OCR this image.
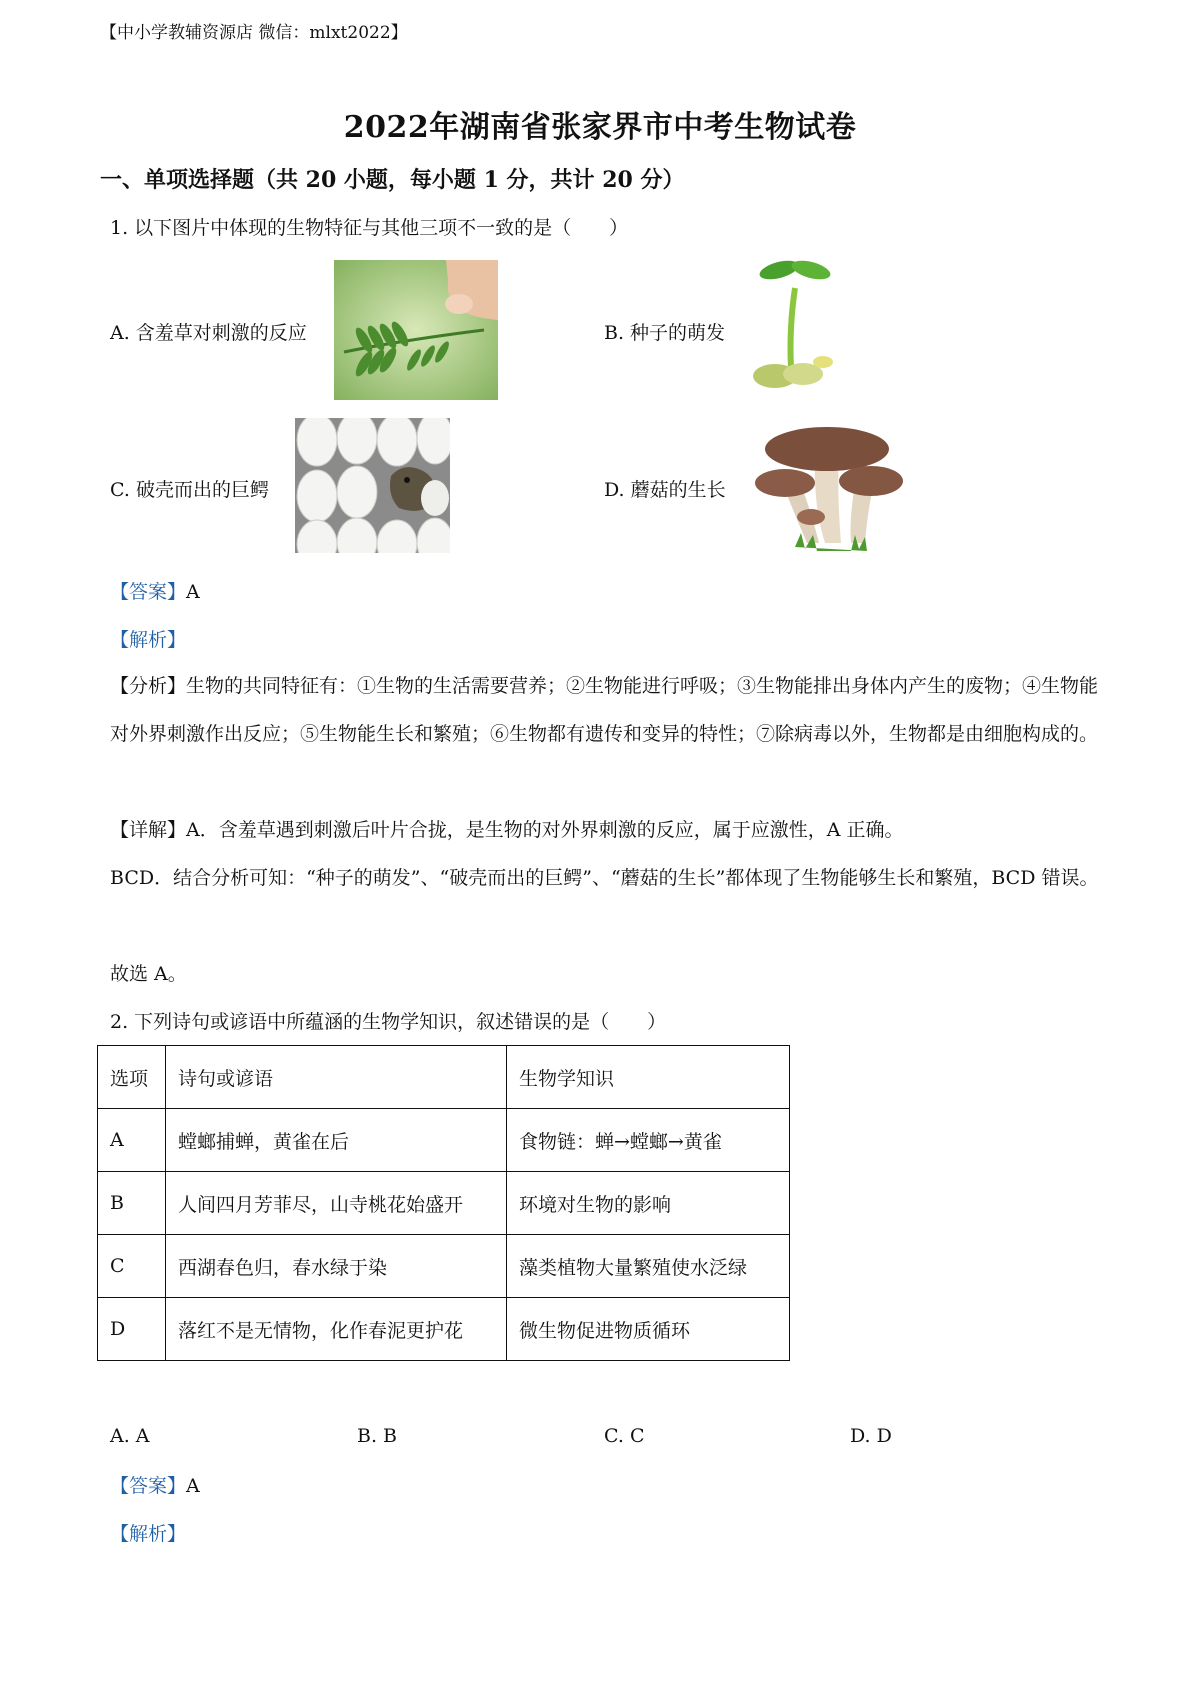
【中小学教辅资源店 微信：mlxt2022】
2022年湖南省张家界市中考生物试卷
一、单项选择题（共 20 小题，每小题 1 分，共计 20 分）
1. 以下图片中体现的生物特征与其他三项不一致的是（　　）
A. 含羞草对刺激的反应	B. 种子的萌发
C. 破壳而出的巨鳄	D. 蘑菇的生长
【答案】A
【解析】
【分析】生物的共同特征有：①生物的生活需要营养；②生物能进行呼吸；③生物能排出身体内产生的废物；④生物能对外界刺激作出反应；⑤生物能生长和繁殖；⑥生物都有遗传和变异的特性；⑦除病毒以外，生物都是由细胞构成的。
【详解】A．含羞草遇到刺激后叶片合拢，是生物的对外界刺激的反应，属于应激性，A 正确。
BCD．结合分析可知：“种子的萌发”、“破壳而出的巨鳄”、“蘑菇的生长”都体现了生物能够生长和繁殖，BCD 错误。
故选 A。
2. 下列诗句或谚语中所蕴涵的生物学知识，叙述错误的是（　　）
选项	诗句或谚语	生物学知识
A	螳螂捕蝉，黄雀在后	食物链：蝉→螳螂→黄雀
B	人间四月芳菲尽，山寺桃花始盛开	环境对生物的影响
C	西湖春色归，春水绿于染	藻类植物大量繁殖使水泛绿
D	落红不是无情物，化作春泥更护花	微生物促进物质循环
A. A	B. B	C. C	D. D
【答案】A
【解析】
